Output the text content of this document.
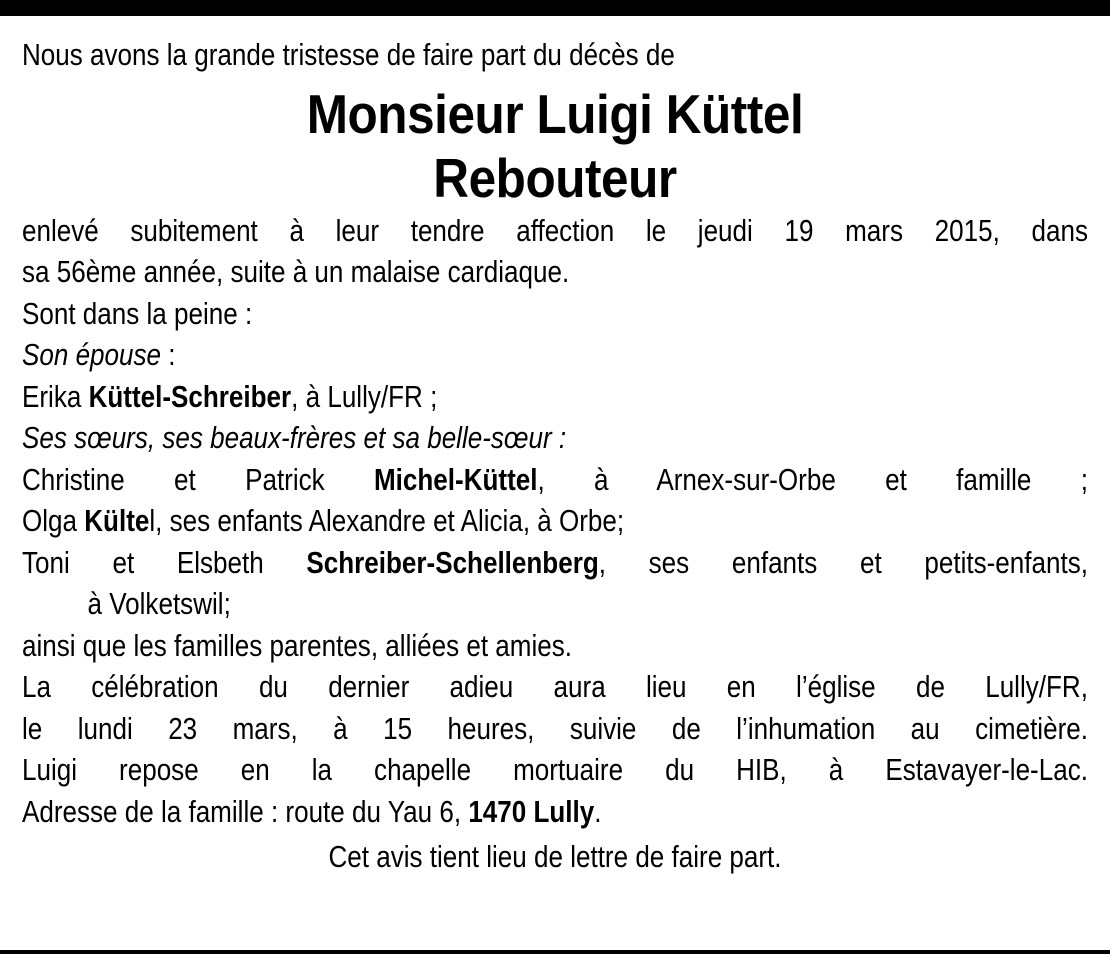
Nous avons la grande tristesse de faire part du décès de
Monsieur Luigi Küttel
Rebouteur
enlevé subitement à leur tendre affection le jeudi 19 mars 2015, dans
sa 56ème année, suite à un malaise cardiaque.
Sont dans la peine :
Son épouse :
Erika Küttel-Schreiber, à Lully/FR ;
Ses sœurs, ses beaux-frères et sa belle-sœur :
Christine et Patrick Michel-Küttel, à Arnex-sur-Orbe et famille ;
Olga Kültel, ses enfants Alexandre et Alicia, à Orbe;
Toni et Elsbeth Schreiber-Schellenberg, ses enfants et petits-enfants,
à Volketswil;
ainsi que les familles parentes, alliées et amies.
La célébration du dernier adieu aura lieu en l’église de Lully/FR,
le lundi 23 mars, à 15 heures, suivie de l’inhumation au cimetière.
Luigi repose en la chapelle mortuaire du HIB, à Estavayer-le-Lac.
Adresse de la famille : route du Yau 6, 1470 Lully.
Cet avis tient lieu de lettre de faire part.
